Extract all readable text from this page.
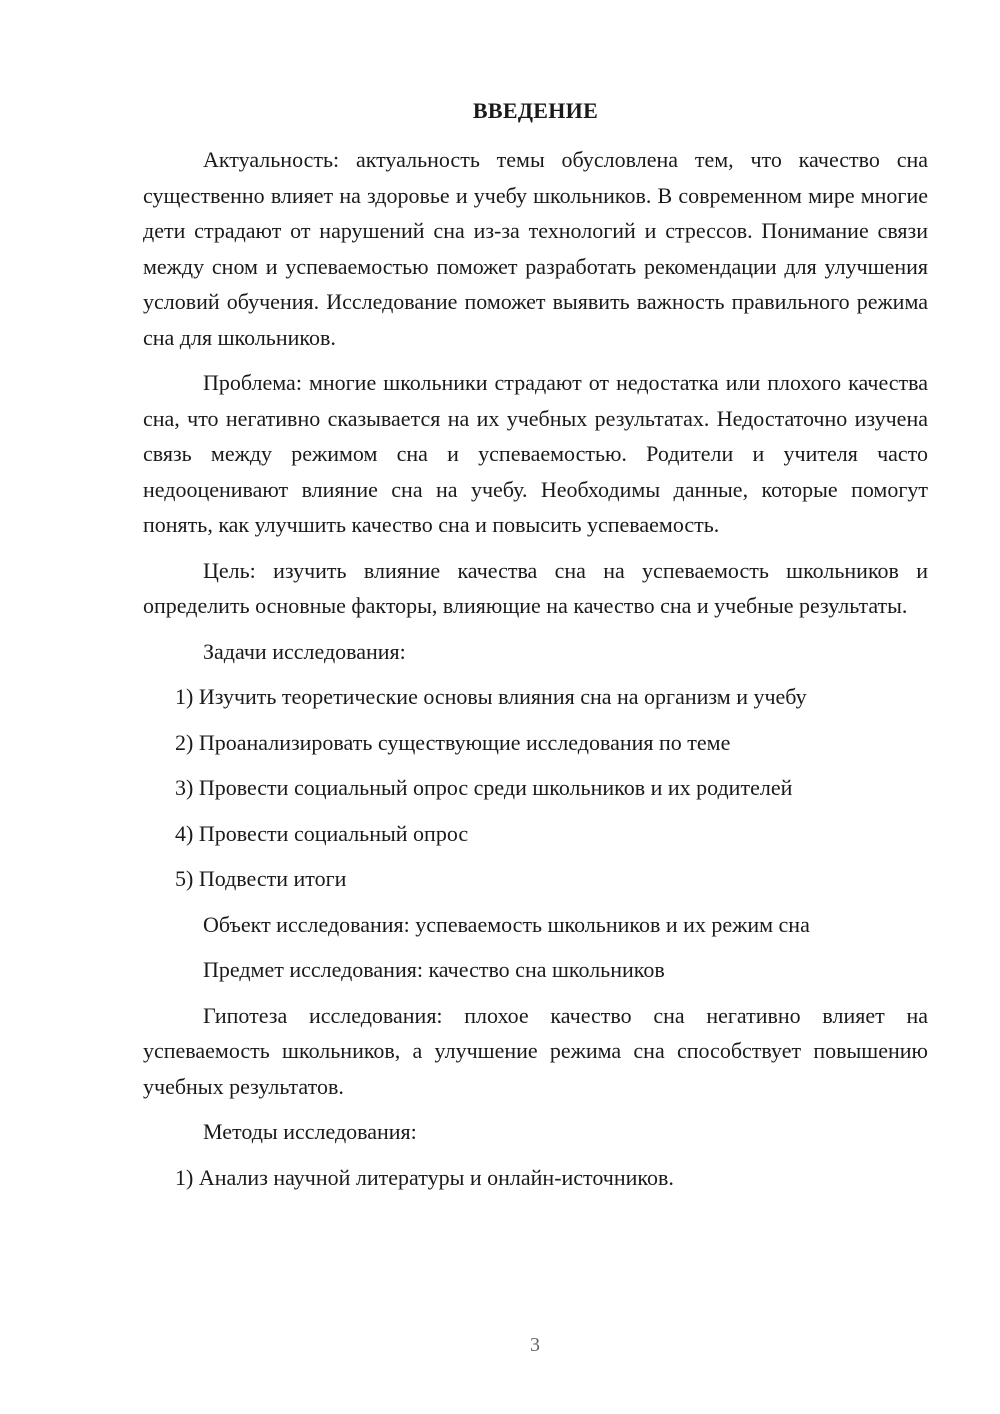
ВВЕДЕНИЕ

Актуальность: актуальность темы обусловлена тем, что качество сна существенно влияет на здоровье и учебу школьников. В современном мире многие дети страдают от нарушений сна из-за технологий и стрессов. Понимание связи между сном и успеваемостью поможет разработать рекомендации для улучшения условий обучения. Исследование поможет выявить важность правильного режима сна для школьников.

Проблема: многие школьники страдают от недостатка или плохого качества сна, что негативно сказывается на их учебных результатах. Недостаточно изучена связь между режимом сна и успеваемостью. Родители и учителя часто недооценивают влияние сна на учебу. Необходимы данные, которые помогут понять, как улучшить качество сна и повысить успеваемость.

Цель: изучить влияние качества сна на успеваемость школьников и определить основные факторы, влияющие на качество сна и учебные результаты.

Задачи исследования:

1) Изучить теоретические основы влияния сна на организм и учебу

2) Проанализировать существующие исследования по теме

3) Провести социальный опрос среди школьников и их родителей

4) Провести социальный опрос

5) Подвести итоги

Объект исследования: успеваемость школьников и их режим сна

Предмет исследования: качество сна школьников

Гипотеза исследования: плохое качество сна негативно влияет на успеваемость школьников, а улучшение режима сна способствует повышению учебных результатов.

Методы исследования:

1) Анализ научной литературы и онлайн-источников.

3
